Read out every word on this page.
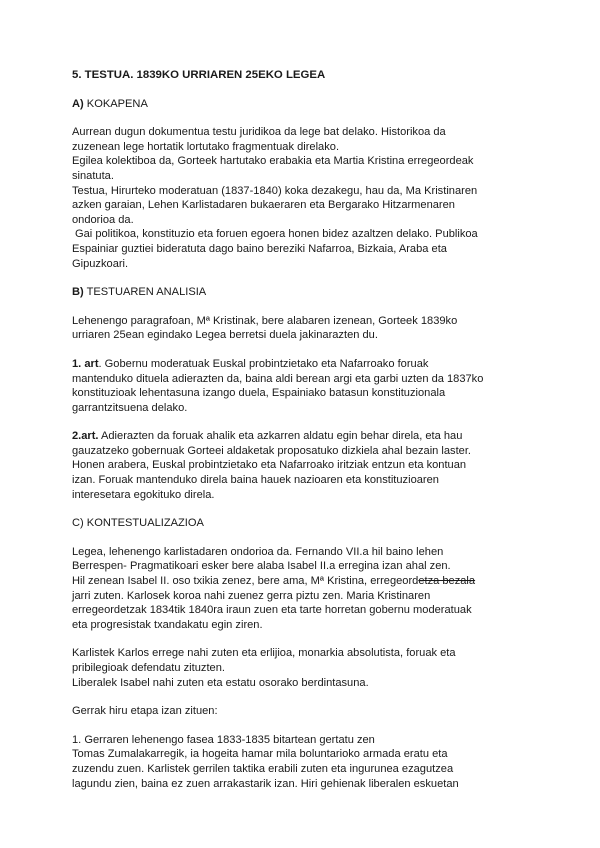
5. TESTUA. 1839KO URRIAREN 25EKO LEGEA

A) KOKAPENA

Aurrean dugun dokumentua testu juridikoa da lege bat delako. Historikoa da

zuzenean lege hortatik lortutako fragmentuak direlako.

Egilea kolektiboa da, Gorteek hartutako erabakia eta Martia Kristina erregeordeak

sinatuta.

Testua, Hirurteko moderatuan (1837-1840) koka dezakegu, hau da, Ma Kristinaren

azken garaian, Lehen Karlistadaren bukaeraren eta Bergarako Hitzarmenaren

ondorioa da.

Gai politikoa, konstituzio eta foruen egoera honen bidez azaltzen delako. Publikoa

Espainiar guztiei bideratuta dago baino bereziki Nafarroa, Bizkaia, Araba eta

Gipuzkoari.

B) TESTUAREN ANALISIA

Lehenengo paragrafoan, Mª Kristinak, bere alabaren izenean, Gorteek 1839ko

urriaren 25ean egindako Legea berretsi duela jakinarazten du.

1. art. Gobernu moderatuak Euskal probintzietako eta Nafarroako foruak

mantenduko dituela adierazten da, baina aldi berean argi eta garbi uzten da 1837ko

konstituzioak lehentasuna izango duela, Espainiako batasun konstituzionala

garrantzitsuena delako.

2.art. Adierazten da foruak ahalik eta azkarren aldatu egin behar direla, eta hau

gauzatzeko gobernuak Gorteei aldaketak proposatuko dizkiela ahal bezain laster.

Honen arabera, Euskal probintzietako eta Nafarroako iritziak entzun eta kontuan

izan. Foruak mantenduko direla baina hauek nazioaren eta konstituzioaren

interesetara egokituko direla.

C) KONTESTUALIZAZIOA

Legea, lehenengo karlistadaren ondorioa da. Fernando VII.a hil baino lehen

Berrespen- Pragmatikoari esker bere alaba Isabel II.a erregina izan ahal zen.

Hil zenean Isabel II. oso txikia zenez, bere ama, Mª Kristina, erregeordetza bezala

jarri zuten. Karlosek koroa nahi zuenez gerra piztu zen. Maria Kristinaren

erregeordetzak 1834tik 1840ra iraun zuen eta tarte horretan gobernu moderatuak

eta progresistak txandakatu egin ziren.

Karlistek Karlos errege nahi zuten eta erlijioa, monarkia absolutista, foruak eta

pribilegioak defendatu zituzten.

Liberalek Isabel nahi zuten eta estatu osorako berdintasuna.

Gerrak hiru etapa izan zituen:

1. Gerraren lehenengo fasea 1833-1835 bitartean gertatu zen

Tomas Zumalakarregik, ia hogeita hamar mila boluntarioko armada eratu eta

zuzendu zuen. Karlistek gerrilen taktika erabili zuten eta ingurunea ezagutzea

lagundu zien, baina ez zuen arrakastarik izan. Hiri gehienak liberalen eskuetan
